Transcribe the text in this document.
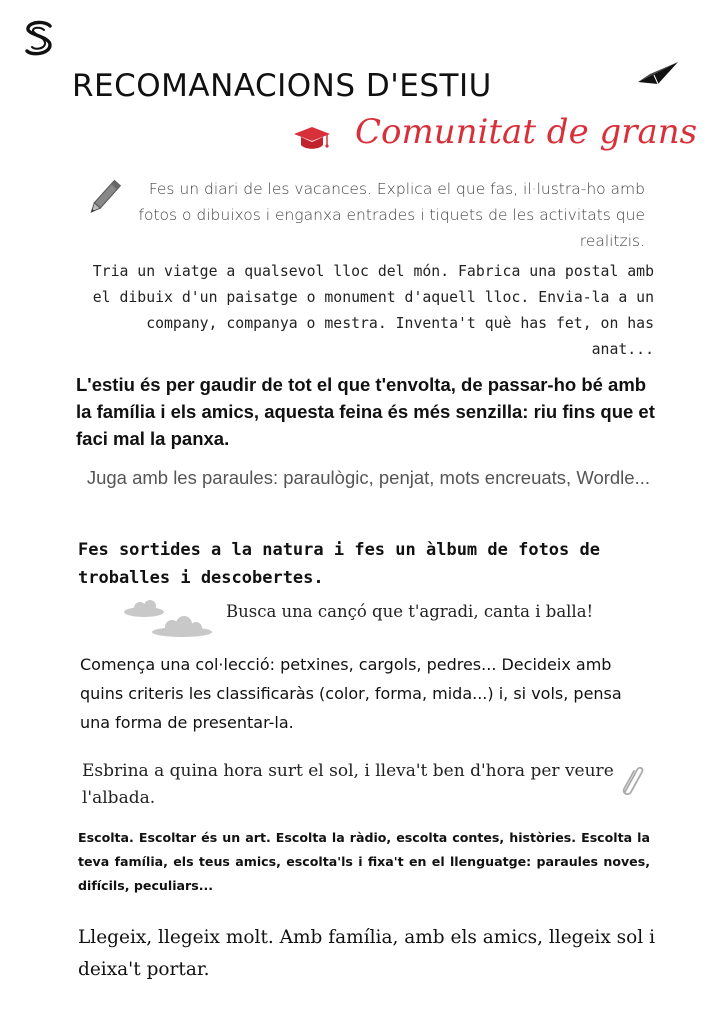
RECOMANACIONS D'ESTIU
Comunitat de grans
Fes un diari de les vacances. Explica el que fas, il·lustra-ho amb fotos o dibuixos i enganxa entrades i tiquets de les activitats que realitzis.
Tria un viatge a qualsevol lloc del món. Fabrica una postal amb el dibuix d'un paisatge o monument d'aquell lloc. Envia-la a un company, companya o mestra. Inventa't què has fet, on has anat...
L'estiu és per gaudir de tot el que t'envolta, de passar-ho bé amb la família i els amics, aquesta feina és més senzilla: riu fins que et faci mal la panxa.
Juga amb les paraules: paraulògic, penjat, mots encreuats, Wordle...
Fes sortides a la natura i fes un àlbum de fotos de troballes i descobertes.
Busca una cançó que t'agradi, canta i balla!
Comença una col·lecció: petxines, cargols, pedres... Decideix amb quins criteris les classificaràs (color, forma, mida...) i, si vols, pensa una forma de presentar-la.
Esbrina a quina hora surt el sol, i lleva't ben d'hora per veure l'albada.
Escolta. Escoltar és un art. Escolta la ràdio, escolta contes, històries. Escolta la teva família, els teus amics, escolta'ls i fixa't en el llenguatge: paraules noves, difícils, peculiars...
Llegeix, llegeix molt. Amb família, amb els amics, llegeix sol i deixa't portar.
